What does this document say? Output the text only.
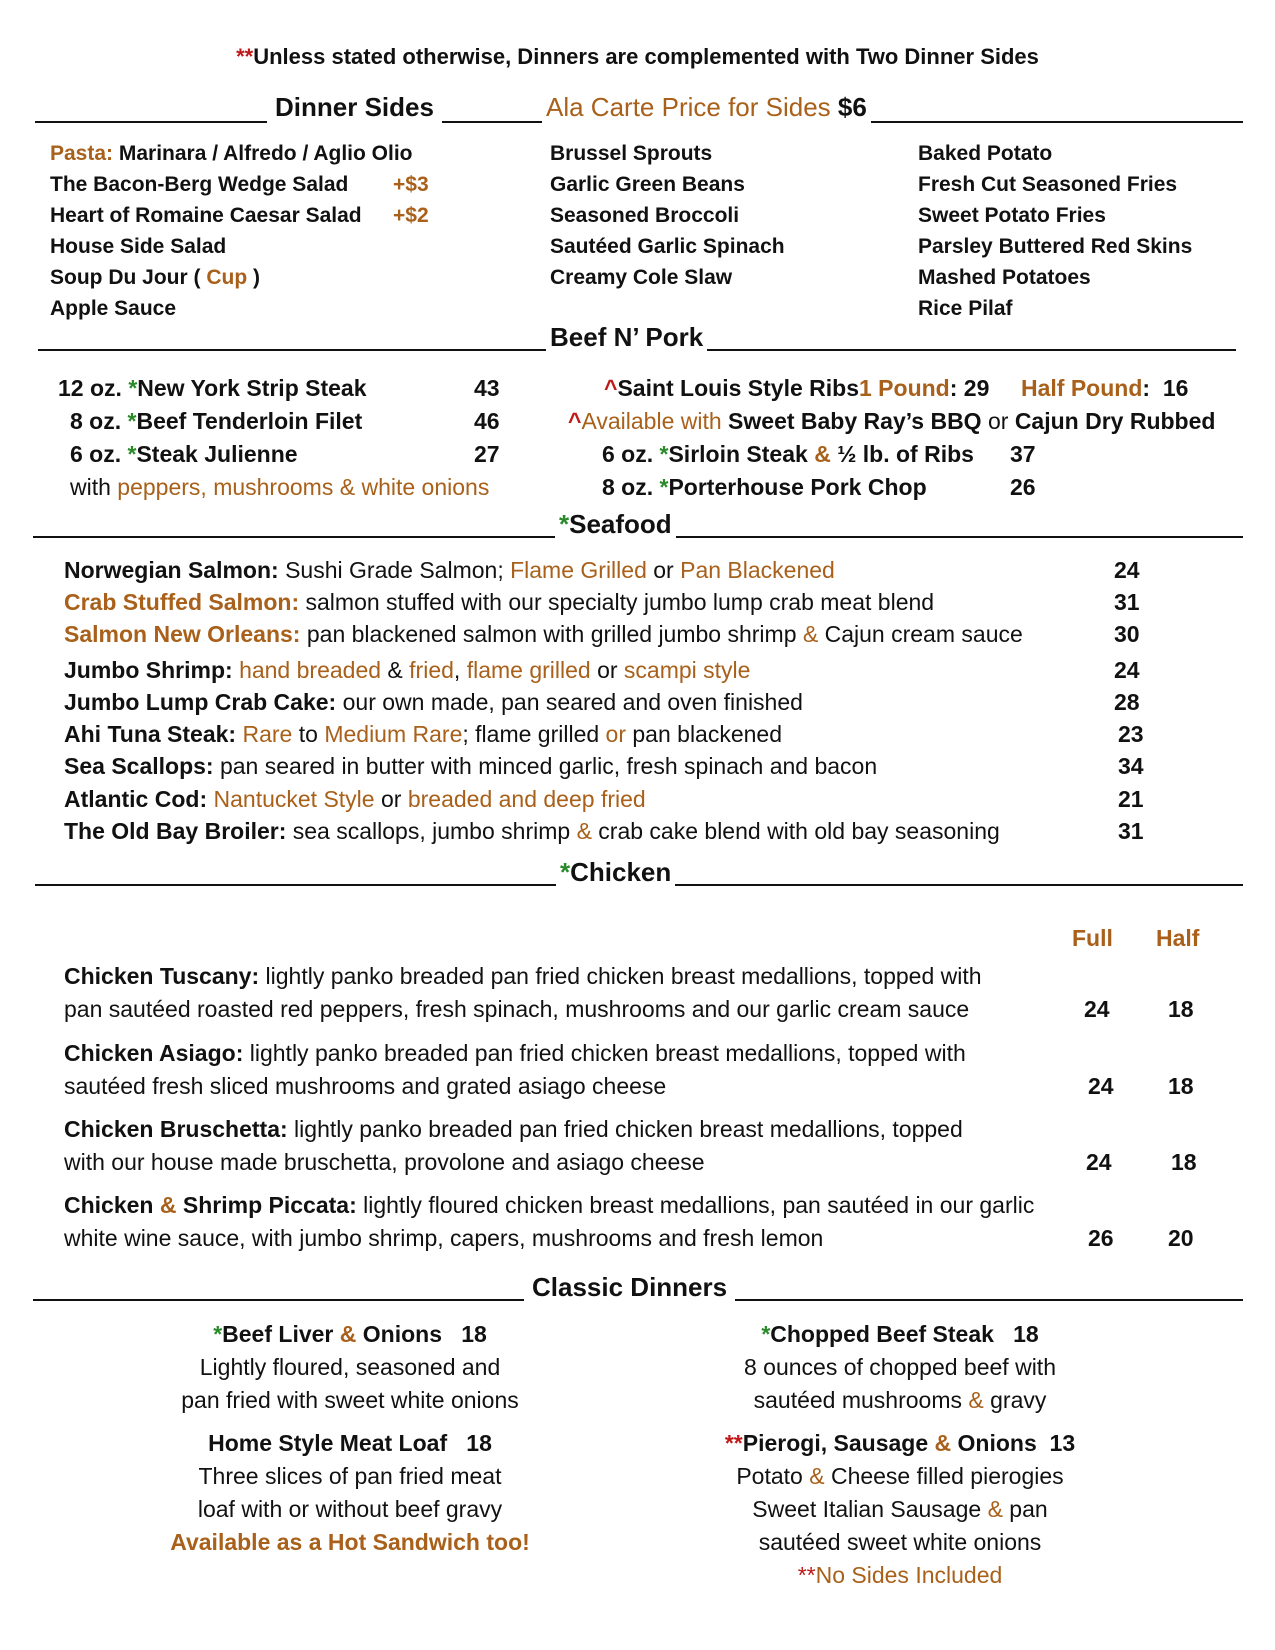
**Unless stated otherwise, Dinners are complemented with Two Dinner Sides
Dinner Sides	Ala Carte Price for Sides $6
Pasta: Marinara / Alfredo / Aglio Olio
The Bacon-Berg Wedge Salad +$3
Heart of Romaine Caesar Salad +$2
House Side Salad
Soup Du Jour ( Cup )
Apple Sauce
Brussel Sprouts
Garlic Green Beans
Seasoned Broccoli
Sautéed Garlic Spinach
Creamy Cole Slaw
Baked Potato
Fresh Cut Seasoned Fries
Sweet Potato Fries
Parsley Buttered Red Skins
Mashed Potatoes
Rice Pilaf
Beef N’ Pork
12 oz. *New York Strip Steak	43
8 oz. *Beef Tenderloin Filet	46
6 oz. *Steak Julienne	27
with peppers, mushrooms & white onions
^Saint Louis Style Ribs 1 Pound: 29 Half Pound:  16
^Available with Sweet Baby Ray’s BBQ or Cajun Dry Rubbed
6 oz. *Sirloin Steak & ½ lb. of Ribs 37
8 oz. *Porterhouse Pork Chop	26
*Seafood
Norwegian Salmon: Sushi Grade Salmon; Flame Grilled or Pan Blackened	24
Crab Stuffed Salmon: salmon stuffed with our specialty jumbo lump crab meat blend	31
Salmon New Orleans: pan blackened salmon with grilled jumbo shrimp & Cajun cream sauce	30
Jumbo Shrimp: hand breaded & fried, flame grilled or scampi style	24
Jumbo Lump Crab Cake: our own made, pan seared and oven finished	28
Ahi Tuna Steak: Rare to Medium Rare; flame grilled or pan blackened	23
Sea Scallops: pan seared in butter with minced garlic, fresh spinach and bacon	34
Atlantic Cod: Nantucket Style or breaded and deep fried	21
The Old Bay Broiler: sea scallops, jumbo shrimp & crab cake blend with old bay seasoning	31
*Chicken
Full Half
Chicken Tuscany: lightly panko breaded pan fried chicken breast medallions, topped with
pan sautéed roasted red peppers, fresh spinach, mushrooms and our garlic cream sauce	24	18
Chicken Asiago: lightly panko breaded pan fried chicken breast medallions, topped with
sautéed fresh sliced mushrooms and grated asiago cheese	24 18
Chicken Bruschetta: lightly panko breaded pan fried chicken breast medallions, topped
with our house made bruschetta, provolone and asiago cheese	24	18
Chicken & Shrimp Piccata: lightly floured chicken breast medallions, pan sautéed in our garlic
white wine sauce, with jumbo shrimp, capers, mushrooms and fresh lemon	26 20
Classic Dinners
*Beef Liver & Onions 18
Lightly floured, seasoned and
pan fried with sweet white onions
Home Style Meat Loaf 18
Three slices of pan fried meat
loaf with or without beef gravy
Available as a Hot Sandwich too!
*Chopped Beef Steak 18
8 ounces of chopped beef with
sautéed mushrooms & gravy
**Pierogi, Sausage & Onions 13
Potato & Cheese filled pierogies
Sweet Italian Sausage & pan
sautéed sweet white onions
**No Sides Included
